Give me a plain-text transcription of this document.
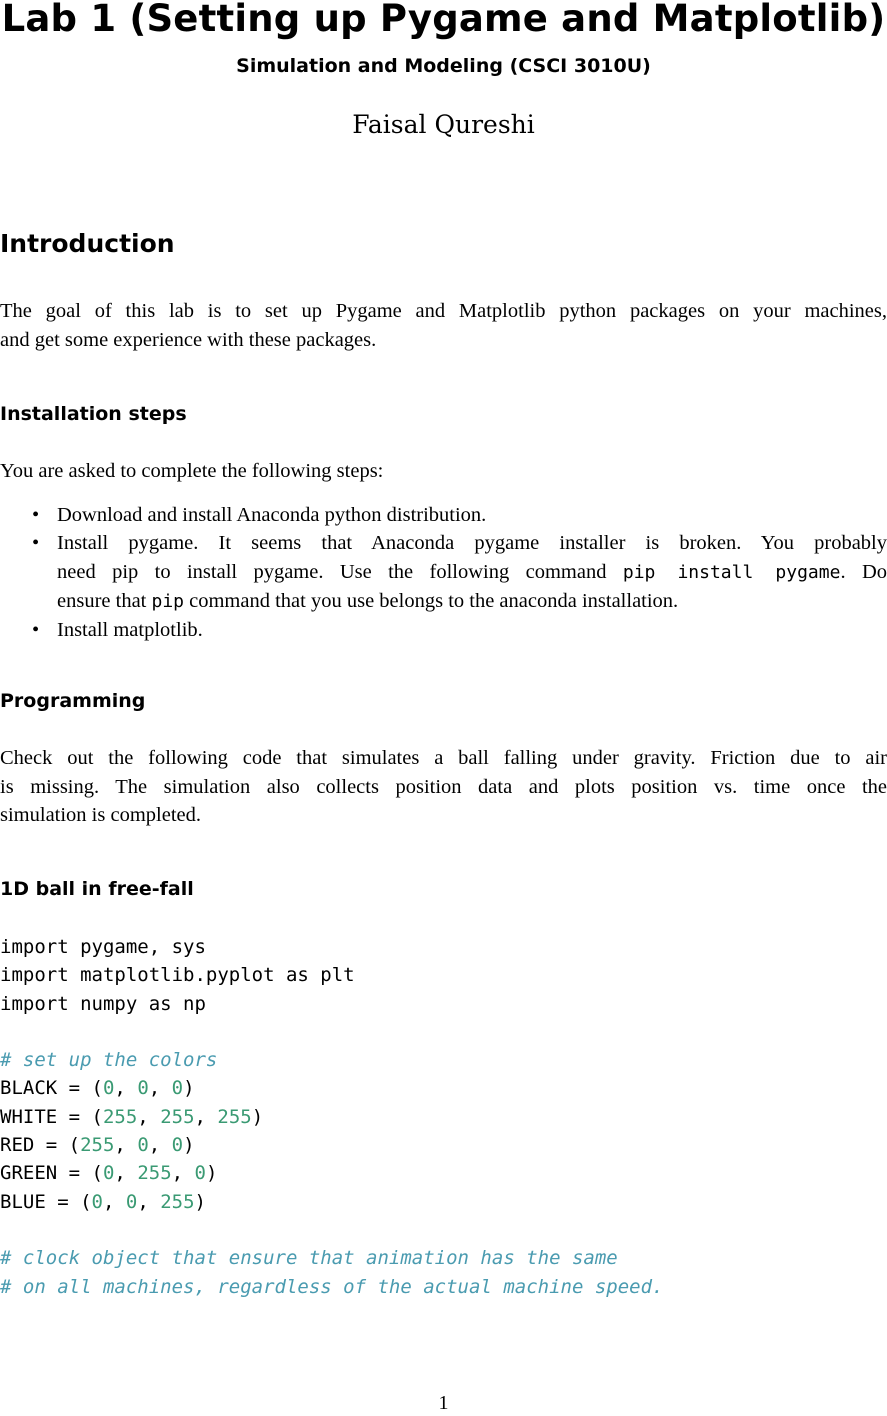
Lab 1 (Setting up Pygame and Matplotlib)
Simulation and Modeling (CSCI 3010U)
Faisal Qureshi
Introduction
The goal of this lab is to set up Pygame and Matplotlib python packages on your machines,
and get some experience with these packages.
Installation steps
You are asked to complete the following steps:
• Download and install Anaconda python distribution.
• Install pygame. It seems that Anaconda pygame installer is broken. You probably
need pip to install pygame. Use the following command pip install pygame. Do
ensure that pip command that you use belongs to the anaconda installation.
• Install matplotlib.
Programming
Check out the following code that simulates a ball falling under gravity. Friction due to air
is missing. The simulation also collects position data and plots position vs. time once the
simulation is completed.
1D ball in free-fall
import pygame, sys
import matplotlib.pyplot as plt
import numpy as np
# set up the colors
BLACK = (0, 0, 0)
WHITE = (255, 255, 255)
RED = (255, 0, 0)
GREEN = (0, 255, 0)
BLUE = (0, 0, 255)
# clock object that ensure that animation has the same
# on all machines, regardless of the actual machine speed.
1
